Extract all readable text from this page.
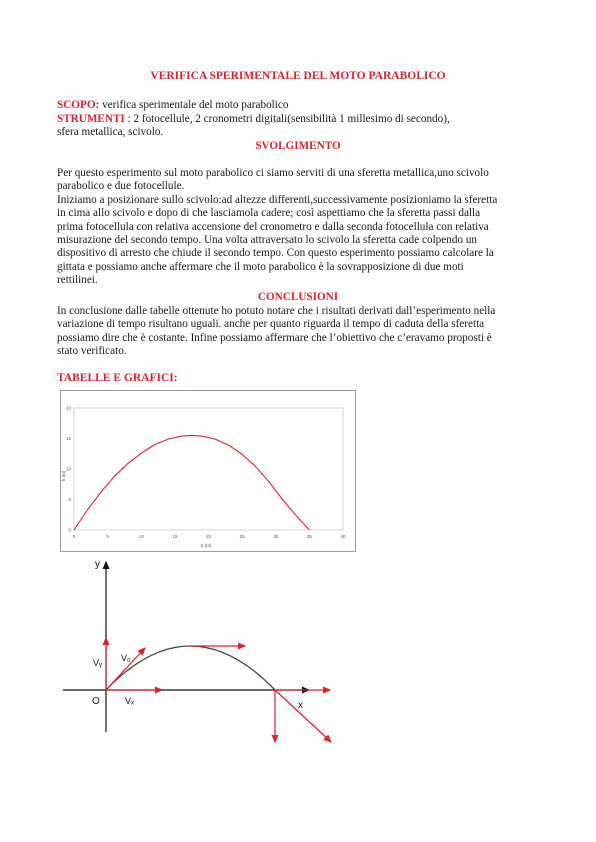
VERIFICA SPERIMENTALE DEL MOTO PARABOLICO
SCOPO: verifica sperimentale del moto parabolico
STRUMENTI : 2 fotocellule, 2 cronometri digitali(sensibilità 1 millesimo di secondo),
sfera metallica, scivolo.
SVOLGIMENTO
Per questo esperimento sul moto parabolico ci siamo serviti di una sferetta metallica,uno scivolo
parabolico e due fotocellule.
Iniziamo a posizionare sullo scivolo:ad altezze differenti,successivamente posizioniamo la sferetta
in cima allo scivolo e dopo di che lasciamola cadere; così aspettiamo che la sferetta passi dalla
prima fotocellula con relativa accensione del cronometro e dalla seconda fotocellula con relativa
misurazione del secondo tempo. Una volta attraversato lo scivolo la sferetta cade colpendo un
dispositivo di arresto che chiude il secondo tempo. Con questo esperimento possiamo calcolare la
gittata e possiamo anche affermare che il moto parabolico è la sovrapposizione di due moti
rettilinei.
CONCLUSIONI
In conclusione dalle tabelle ottenute ho potuto notare che i risultati derivati dall’esperimento nella
variazione di tempo risultano uguali. anche per quanto riguarda il tempo di caduta della sferetta
possiamo dire che è costante. Infine possiamo affermare che l’obiettivo che c’eravamo proposti è
stato verificato.
TABELLE E GRAFICI:
0	5	10	15	20	25	30	35	40
0
5
10
15
20
S (m)
h (m)
y
x
O
Vᵧ V₀
Vₓ
